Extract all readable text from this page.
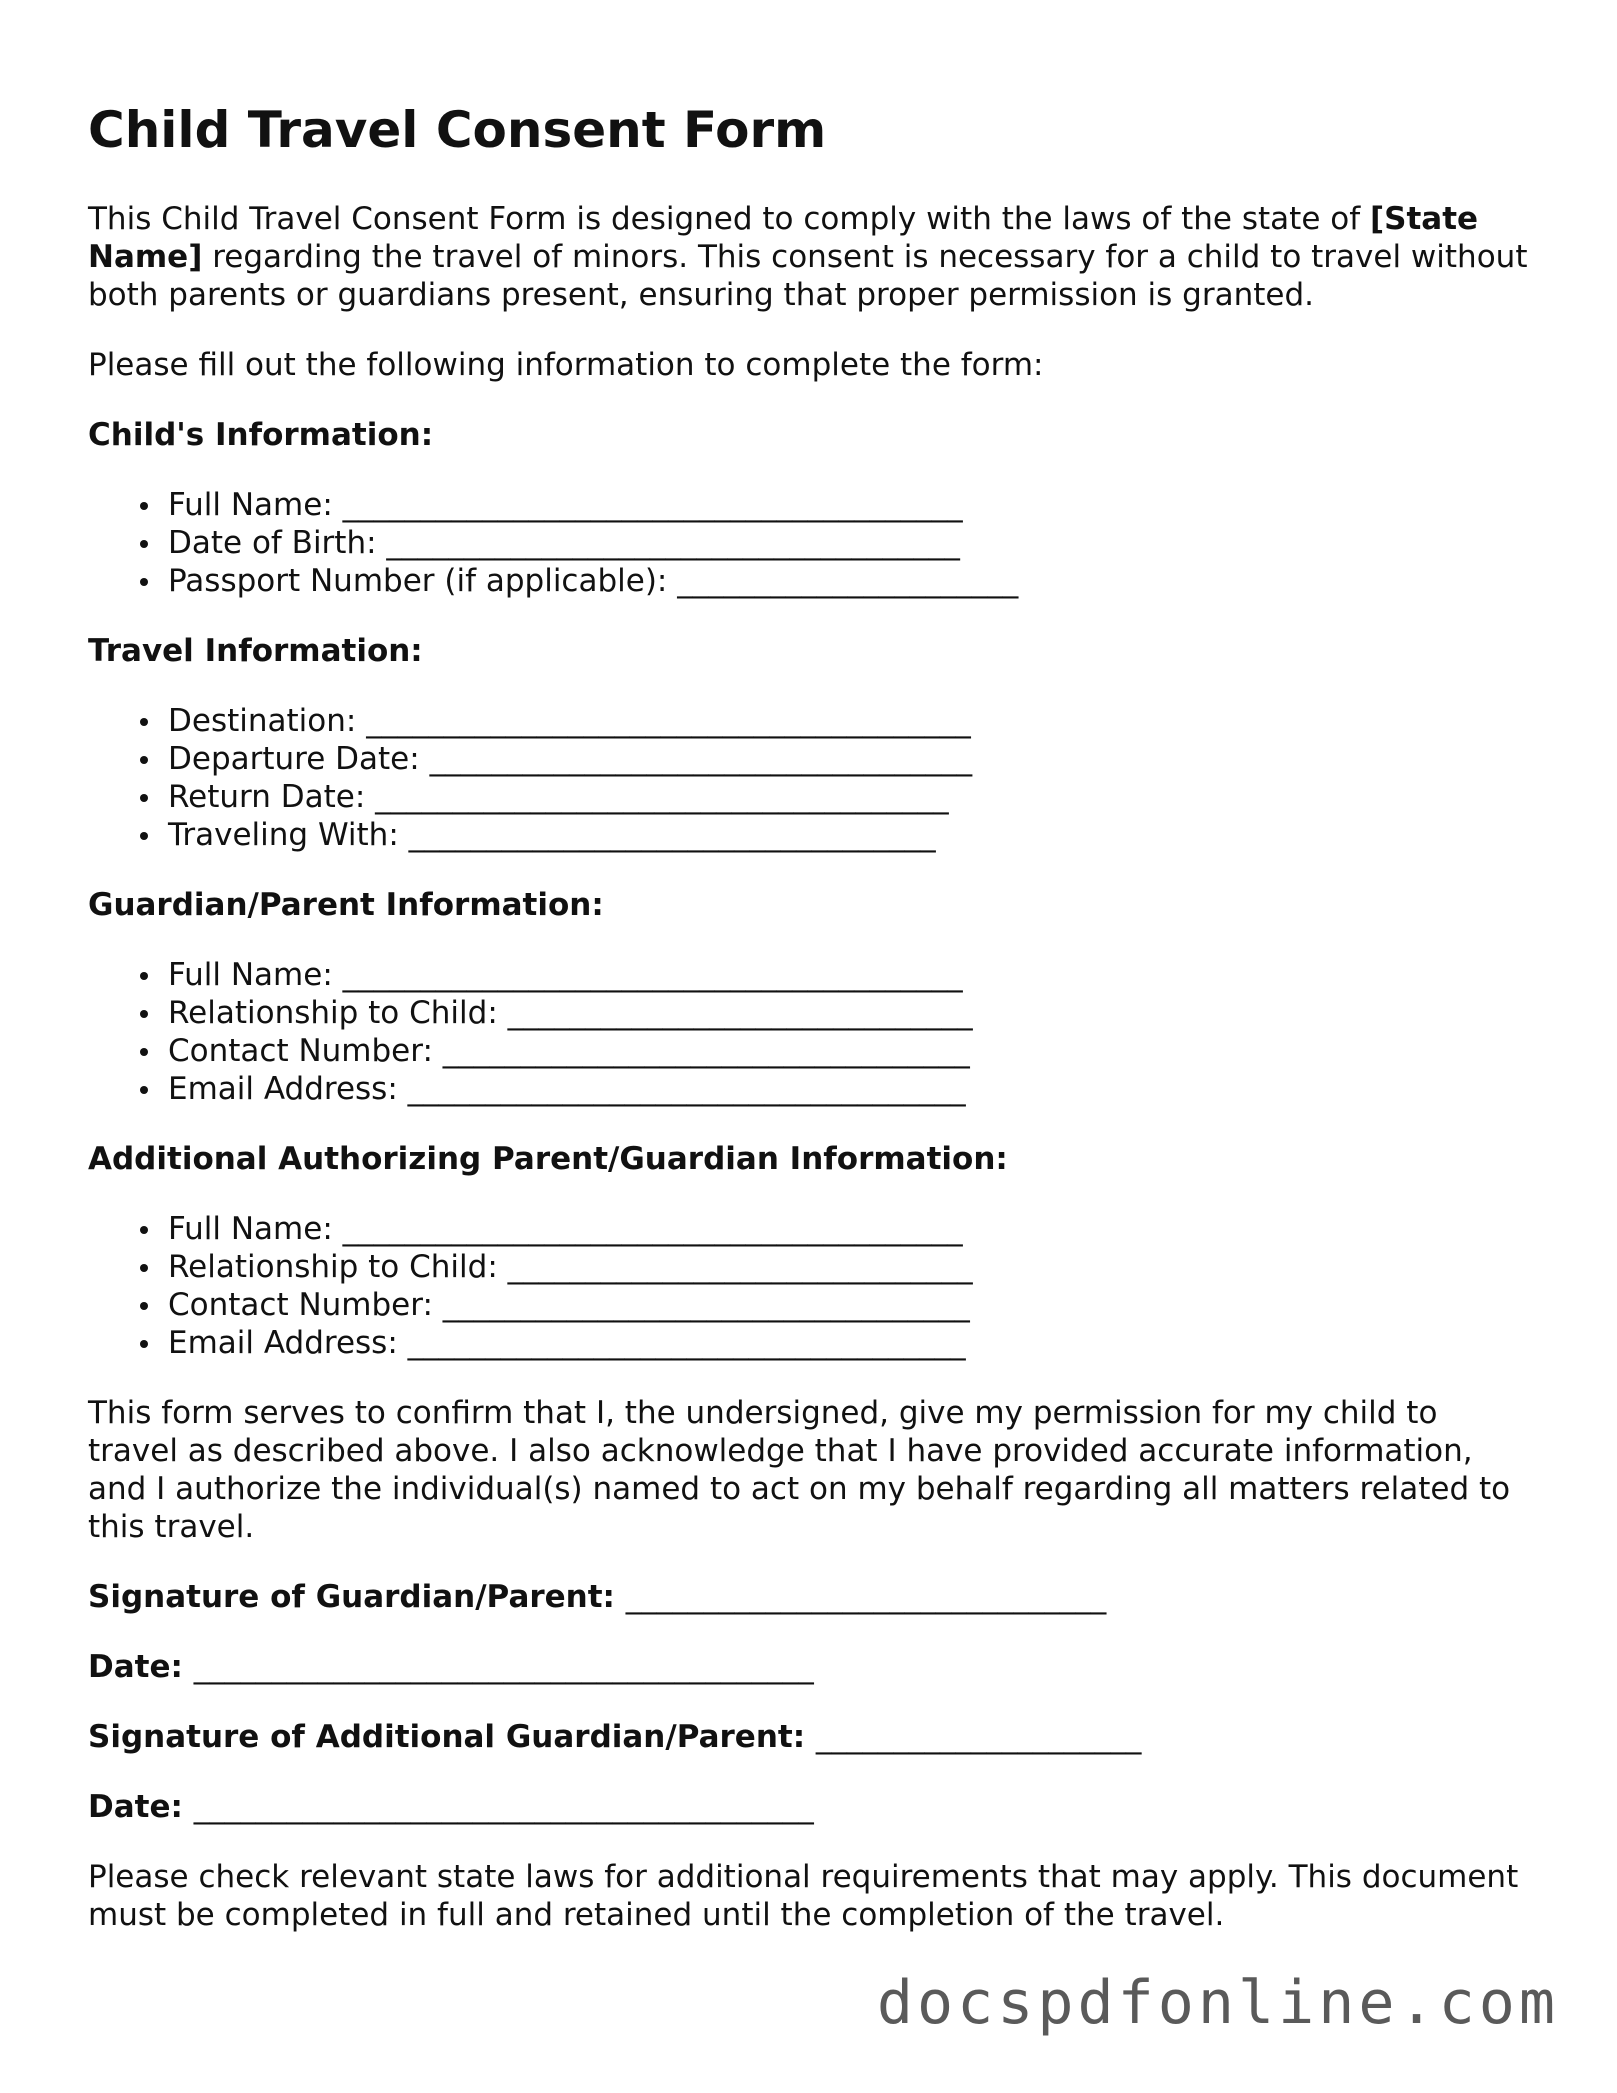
Child Travel Consent Form

This Child Travel Consent Form is designed to comply with the laws of the state of [State Name] regarding the travel of minors. This consent is necessary for a child to travel without both parents or guardians present, ensuring that proper permission is granted.

Please fill out the following information to complete the form:

Child's Information:
Full Name: ________________________________________
Date of Birth: _____________________________________
Passport Number (if applicable): ______________________
Travel Information:
Destination: _______________________________________
Departure Date: ___________________________________
Return Date: _____________________________________
Traveling With: __________________________________
Guardian/Parent Information:
Full Name: ________________________________________
Relationship to Child: ______________________________
Contact Number: __________________________________
Email Address: ____________________________________
Additional Authorizing Parent/Guardian Information:
Full Name: ________________________________________
Relationship to Child: ______________________________
Contact Number: __________________________________
Email Address: ____________________________________

This form serves to confirm that I, the undersigned, give my permission for my child to travel as described above. I also acknowledge that I have provided accurate information, and I authorize the individual(s) named to act on my behalf regarding all matters related to this travel.

Signature of Guardian/Parent: _______________________________
Date: ________________________________________
Signature of Additional Guardian/Parent: _____________________
Date: ________________________________________

Please check relevant state laws for additional requirements that may apply. This document must be completed in full and retained until the completion of the travel.

docspdfonline.com
